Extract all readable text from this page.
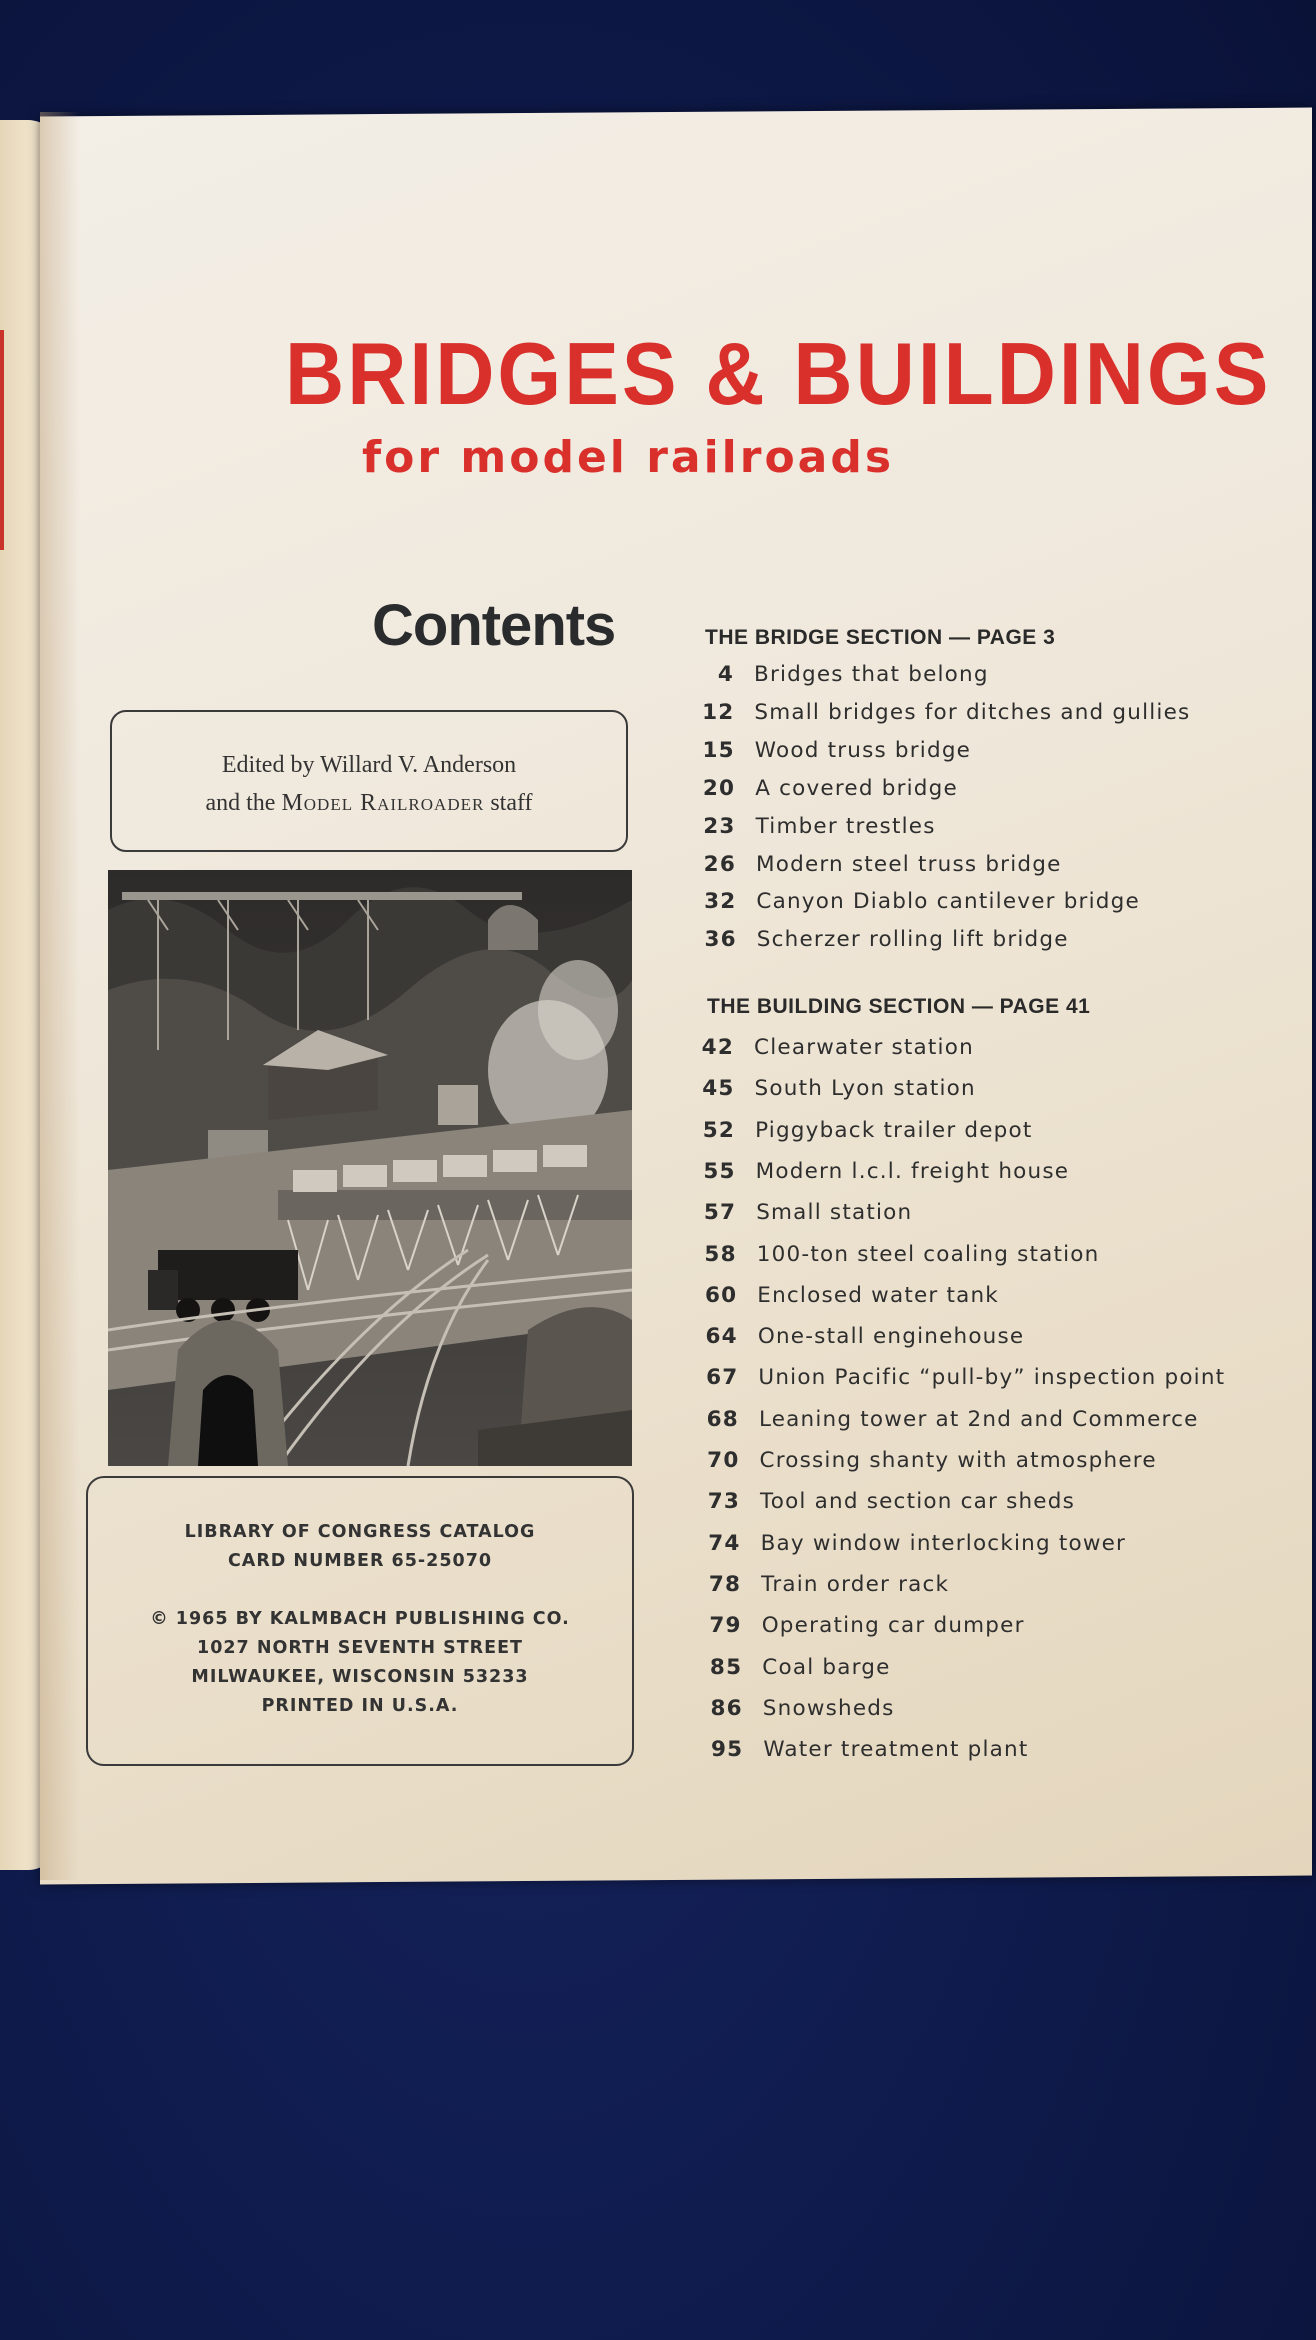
BRIDGES & BUILDINGS
for model railroads
Contents
Edited by Willard V. Anderson
and the Model Railroader staff
LIBRARY OF CONGRESS CATALOG
CARD NUMBER 65-25070
© 1965 BY KALMBACH PUBLISHING CO.
1027 NORTH SEVENTH STREET
MILWAUKEE, WISCONSIN 53233
PRINTED IN U.S.A.
THE BRIDGE SECTION — PAGE 3
4 Bridges that belong
12 Small bridges for ditches and gullies
15 Wood truss bridge
20 A covered bridge
23 Timber trestles
26 Modern steel truss bridge
32 Canyon Diablo cantilever bridge
36 Scherzer rolling lift bridge
THE BUILDING SECTION — PAGE 41
42 Clearwater station
45 South Lyon station
52 Piggyback trailer depot
55 Modern l.c.l. freight house
57 Small station
58 100-ton steel coaling station
60 Enclosed water tank
64 One-stall enginehouse
67 Union Pacific “pull-by” inspection point
68 Leaning tower at 2nd and Commerce
70 Crossing shanty with atmosphere
73 Tool and section car sheds
74 Bay window interlocking tower
78 Train order rack
79 Operating car dumper
85 Coal barge
86 Snowsheds
95 Water treatment plant
